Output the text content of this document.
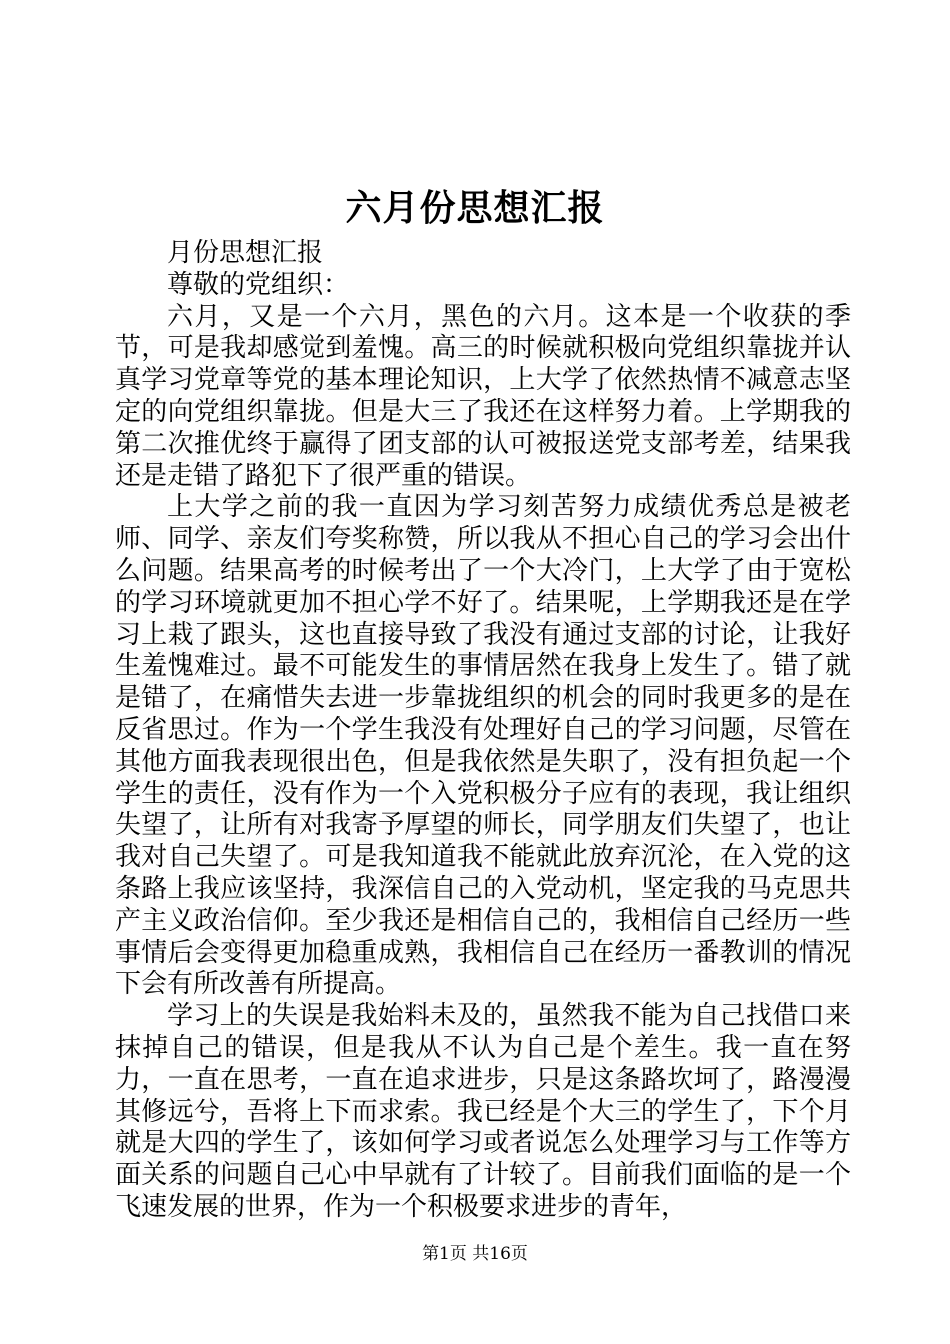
六月份思想汇报

月份思想汇报

尊敬的党组织：

六月，又是一个六月，黑色的六月。这本是一个收获的季节，可是我却感觉到羞愧。高三的时候就积极向党组织靠拢并认真学习党章等党的基本理论知识，上大学了依然热情不减意志坚定的向党组织靠拢。但是大三了我还在这样努力着。上学期我的第二次推优终于赢得了团支部的认可被报送党支部考差，结果我还是走错了路犯下了很严重的错误。

上大学之前的我一直因为学习刻苦努力成绩优秀总是被老师、同学、亲友们夸奖称赞，所以我从不担心自己的学习会出什么问题。结果高考的时候考出了一个大冷门，上大学了由于宽松的学习环境就更加不担心学不好了。结果呢，上学期我还是在学习上栽了跟头，这也直接导致了我没有通过支部的讨论，让我好生羞愧难过。最不可能发生的事情居然在我身上发生了。错了就是错了，在痛惜失去进一步靠拢组织的机会的同时我更多的是在反省思过。作为一个学生我没有处理好自己的学习问题，尽管在其他方面我表现很出色，但是我依然是失职了，没有担负起一个学生的责任，没有作为一个入党积极分子应有的表现，我让组织失望了，让所有对我寄予厚望的师长，同学朋友们失望了，也让我对自己失望了。可是我知道我不能就此放弃沉沦，在入党的这条路上我应该坚持，我深信自己的入党动机，坚定我的马克思共产主义政治信仰。至少我还是相信自己的，我相信自己经历一些事情后会变得更加稳重成熟，我相信自己在经历一番教训的情况下会有所改善有所提高。

学习上的失误是我始料未及的，虽然我不能为自己找借口来抹掉自己的错误，但是我从不认为自己是个差生。我一直在努力，一直在思考，一直在追求进步，只是这条路坎坷了，路漫漫其修远兮，吾将上下而求索。我已经是个大三的学生了，下个月就是大四的学生了，该如何学习或者说怎么处理学习与工作等方面关系的问题自己心中早就有了计较了。目前我们面临的是一个飞速发展的世界，作为一个积极要求进步的青年，

第1页 共16页
